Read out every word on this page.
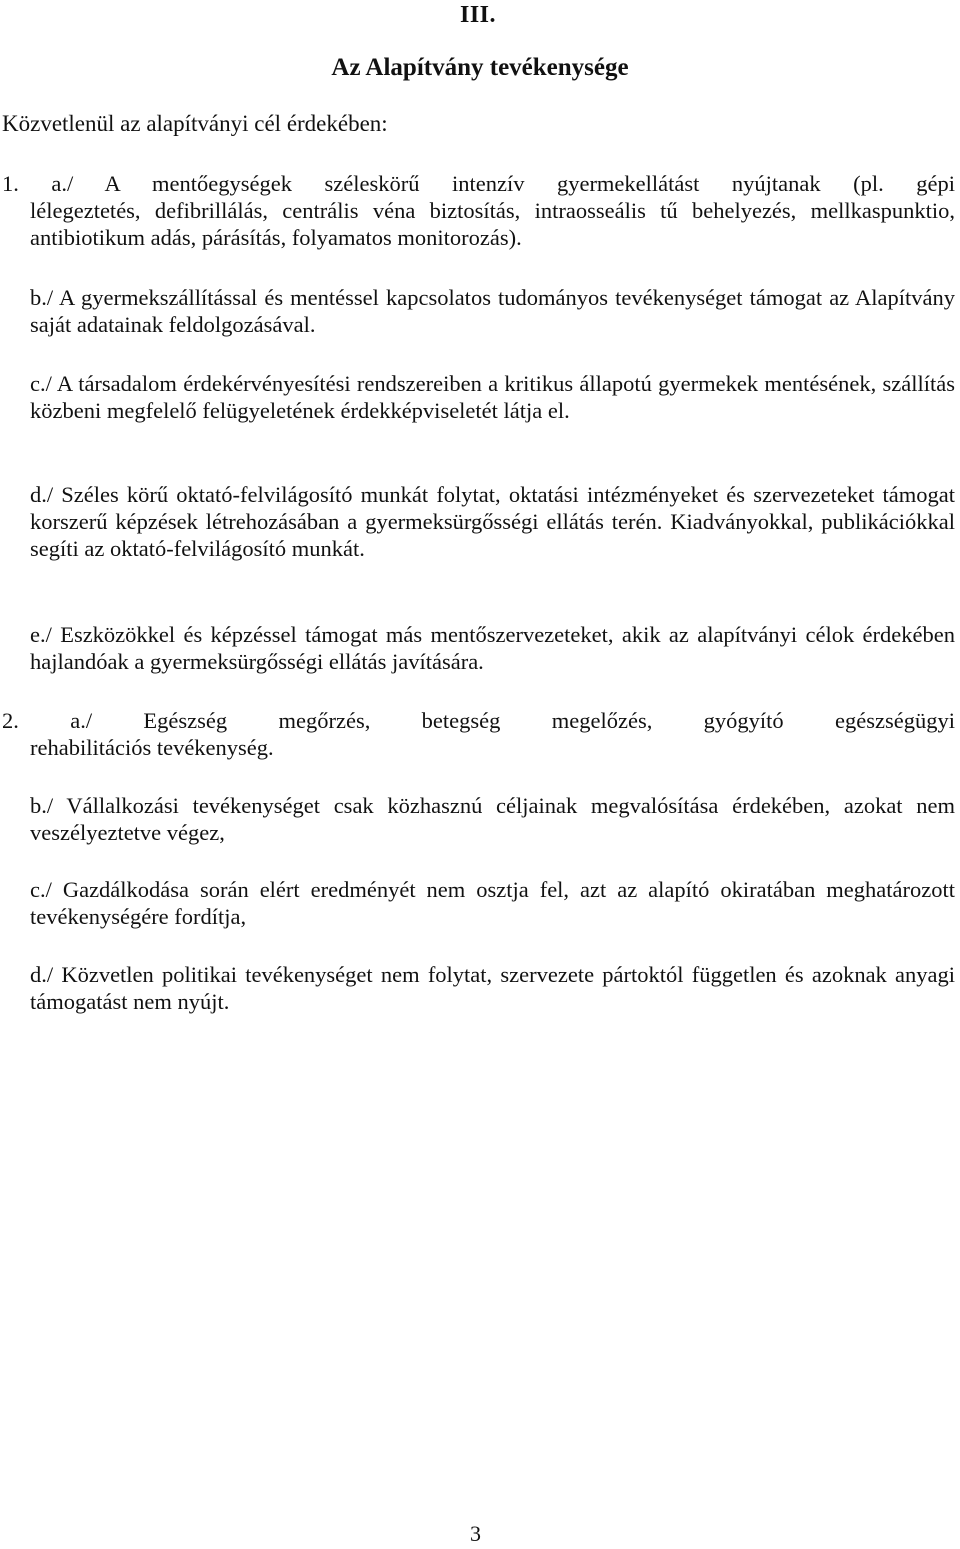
III.
Az Alapítvány tevékenysége
Közvetlenül az alapítványi cél érdekében:
1. a./ A mentőegységek széleskörű intenzív gyermekellátást nyújtanak (pl. gépi
lélegeztetés, defibrillálás, centrális véna biztosítás, intraosseális tű behelyezés, mellkaspunktio, antibiotikum adás, párásítás, folyamatos monitorozás).
b./ A gyermekszállítással és mentéssel kapcsolatos tudományos tevékenységet támogat az Alapítvány saját adatainak feldolgozásával.
c./ A társadalom érdekérvényesítési rendszereiben a kritikus állapotú gyermekek mentésének, szállítás közbeni megfelelő felügyeletének érdekképviseletét látja el.
d./ Széles körű oktató-felvilágosító munkát folytat, oktatási intézményeket és szervezeteket támogat korszerű képzések létrehozásában a gyermeksürgősségi ellátás terén. Kiadványokkal, publikációkkal segíti az oktató-felvilágosító munkát.
e./ Eszközökkel és képzéssel támogat más mentőszervezeteket, akik az alapítványi célok érdekében hajlandóak a gyermeksürgősségi ellátás javítására.
2. a./ Egészség megőrzés, betegség megelőzés, gyógyító egészségügyi
rehabilitációs tevékenység.
b./ Vállalkozási tevékenységet csak közhasznú céljainak megvalósítása érdekében, azokat nem veszélyeztetve végez,
c./ Gazdálkodása során elért eredményét nem osztja fel, azt az alapító okiratában meghatározott tevékenységére fordítja,
d./ Közvetlen politikai tevékenységet nem folytat, szervezete pártoktól független és azoknak anyagi támogatást nem nyújt.
3
